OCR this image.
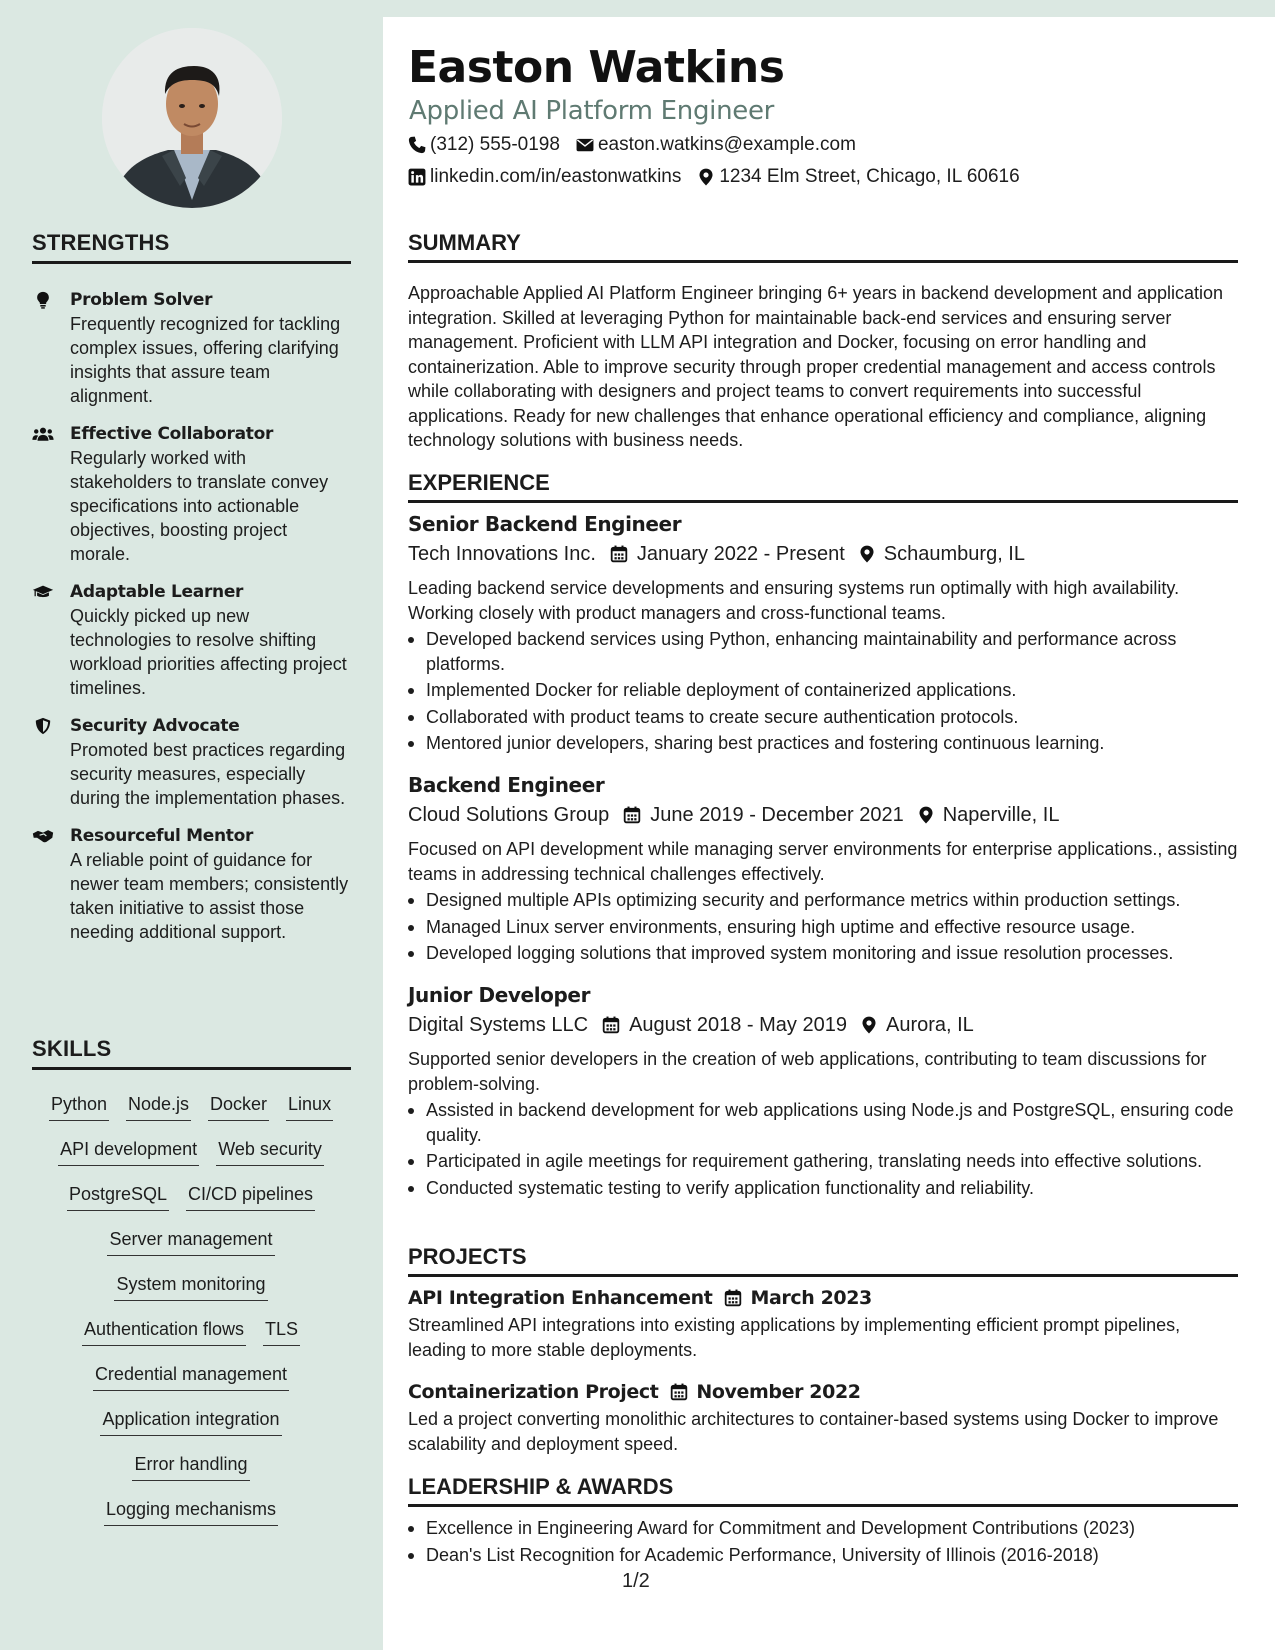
STRENGTHS
Problem Solver
Frequently recognized for tackling complex issues, offering clarifying insights that assure team alignment.
Effective Collaborator
Regularly worked with stakeholders to translate convey specifications into actionable objectives, boosting project morale.
Adaptable Learner
Quickly picked up new technologies to resolve shifting workload priorities affecting project timelines.
Security Advocate
Promoted best practices regarding security measures, especially during the implementation phases.
Resourceful Mentor
A reliable point of guidance for newer team members; consistently taken initiative to assist those needing additional support.
SKILLS
Python Node.js Docker Linux
API development Web security
PostgreSQL CI/CD pipelines
Server management
System monitoring
Authentication flows TLS
Credential management
Application integration
Error handling
Logging mechanisms
Easton Watkins
Applied AI Platform Engineer
(312) 555-0198 easton.watkins@example.com
linkedin.com/in/eastonwatkins 1234 Elm Street, Chicago, IL 60616
SUMMARY
Approachable Applied AI Platform Engineer bringing 6+ years in backend development and application integration. Skilled at leveraging Python for maintainable back-end services and ensuring server management. Proficient with LLM API integration and Docker, focusing on error handling and containerization. Able to improve security through proper credential management and access controls while collaborating with designers and project teams to convert requirements into successful applications. Ready for new challenges that enhance operational efficiency and compliance, aligning technology solutions with business needs.
EXPERIENCE
Senior Backend Engineer
Tech Innovations Inc. January 2022 - Present Schaumburg, IL
Leading backend service developments and ensuring systems run optimally with high availability. Working closely with product managers and cross-functional teams.
Developed backend services using Python, enhancing maintainability and performance across platforms.
Implemented Docker for reliable deployment of containerized applications.
Collaborated with product teams to create secure authentication protocols.
Mentored junior developers, sharing best practices and fostering continuous learning.
Backend Engineer
Cloud Solutions Group June 2019 - December 2021 Naperville, IL
Focused on API development while managing server environments for enterprise applications., assisting teams in addressing technical challenges effectively.
Designed multiple APIs optimizing security and performance metrics within production settings.
Managed Linux server environments, ensuring high uptime and effective resource usage.
Developed logging solutions that improved system monitoring and issue resolution processes.
Junior Developer
Digital Systems LLC August 2018 - May 2019 Aurora, IL
Supported senior developers in the creation of web applications, contributing to team discussions for problem-solving.
Assisted in backend development for web applications using Node.js and PostgreSQL, ensuring code quality.
Participated in agile meetings for requirement gathering, translating needs into effective solutions.
Conducted systematic testing to verify application functionality and reliability.
PROJECTS
API Integration Enhancement March 2023
Streamlined API integrations into existing applications by implementing efficient prompt pipelines, leading to more stable deployments.
Containerization Project November 2022
Led a project converting monolithic architectures to container-based systems using Docker to improve scalability and deployment speed.
LEADERSHIP & AWARDS
Excellence in Engineering Award for Commitment and Development Contributions (2023)
Dean's List Recognition for Academic Performance, University of Illinois (2016-2018)
1/2
